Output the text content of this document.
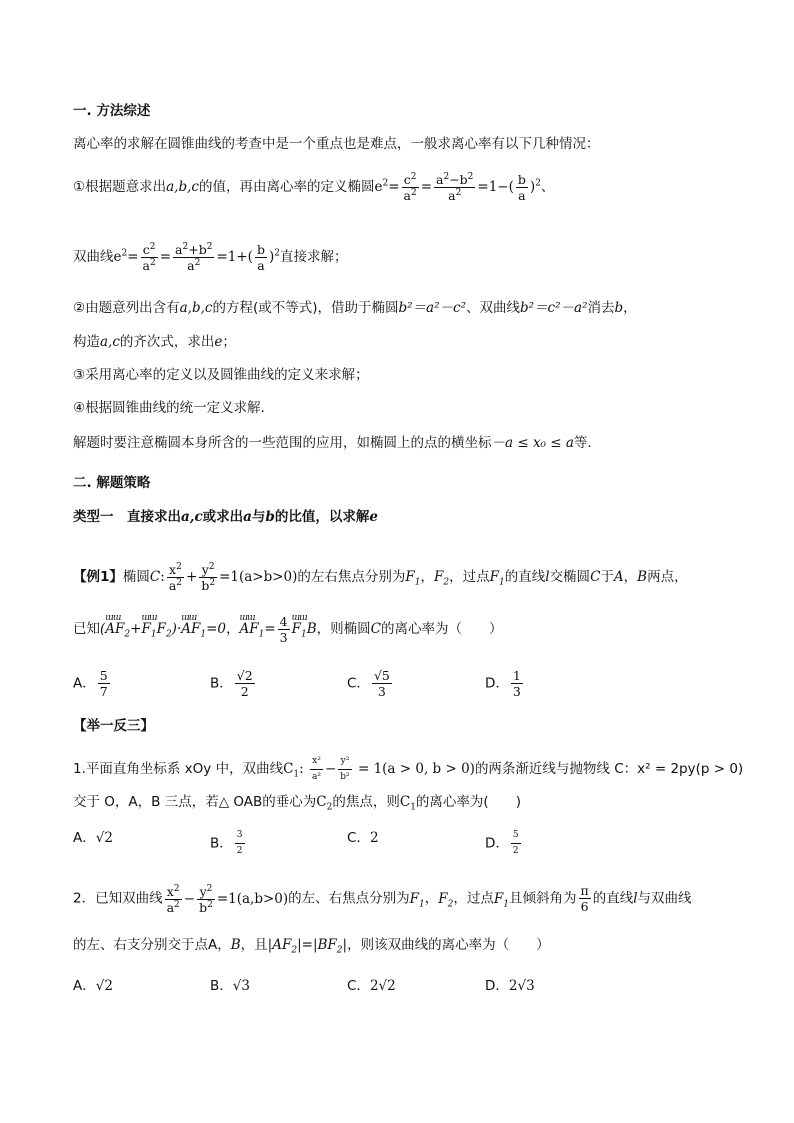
一. 方法综述
离心率的求解在圆锥曲线的考查中是一个重点也是难点，一般求离心率有以下几种情况：
①根据题意求出a,b,c的值，再由离心率的定义椭圆$e^2= \frac{c^2}{a^2} = \frac{a^2-b^2}{a^2} =1-( \frac{b}{a} )^2$、
双曲线$e^2= \frac{c^2}{a^2} = \frac{a^2+b^2}{a^2} =1+( \frac{b}{a} )^2$直接求解；
②由题意列出含有a,b,c的方程(或不等式)，借助于椭圆b²＝a²－c²、双曲线b²＝c²－a²消去b，
构造a,c的齐次式，求出e；
③采用离心率的定义以及圆锥曲线的定义来求解；
④根据圆锥曲线的统一定义求解．
解题时要注意椭圆本身所含的一些范围的应用，如椭圆上的点的横坐标－a ≤ x₀ ≤ a等．
二. 解题策略
类型一　直接求出a,c或求出a与b的比值，以求解e
【例1】椭圆C: $\frac{x^2}{a^2} + \frac{y^2}{b^2} =1(a>b>0)$的左右焦点分别为$F_1$，$F_2$，过点$F_1$的直线l交椭圆C于A，B两点，
已知(ɯɯ $AF_2+ɯɯ$ $F_1F_2)\cdot ɯɯ$ $AF_1=0$，ɯɯ $AF_1= \frac{4}{3}$
ɯɯ $F_1B$，则椭圆C的离心率为（　　）
A． $\frac{5}{7}$	B． $\frac{√2}{2}$	C． $\frac{√5}{3}$	D． $\frac{1}{3}$
【举一反三】
1.平面直角坐标系 xOy 中，双曲线$C_1$: $\frac{\text{x²}}{\text{a²}} - \frac{\text{y²}}{\text{b²}} = 1(a > 0$, b > 0)的两条渐近线与抛物线 C：x² = 2py(p > 0)
交于 O，A，B 三点，若△ OAB的垂心为$C_2$的焦点，则$C_1$的离心率为(　　)
A．√2	B． $\frac{3}{2}$	C．2	D． $\frac{5}{2}$
2．已知双曲线 $\frac{x^2}{a^2} - \frac{y^2}{b^2} =1(a,b>0)$的左、右焦点分别为$F_1$，$F_2$，过点$F_1$且倾斜角为 $\frac{\pi}{6}$ 的直线l与双曲线
的左、右支分别交于点A，B，且$|AF_2|=|BF_2|$，则该双曲线的离心率为（　　）
A．√2	B．√3	C．2√2	D．2√3
